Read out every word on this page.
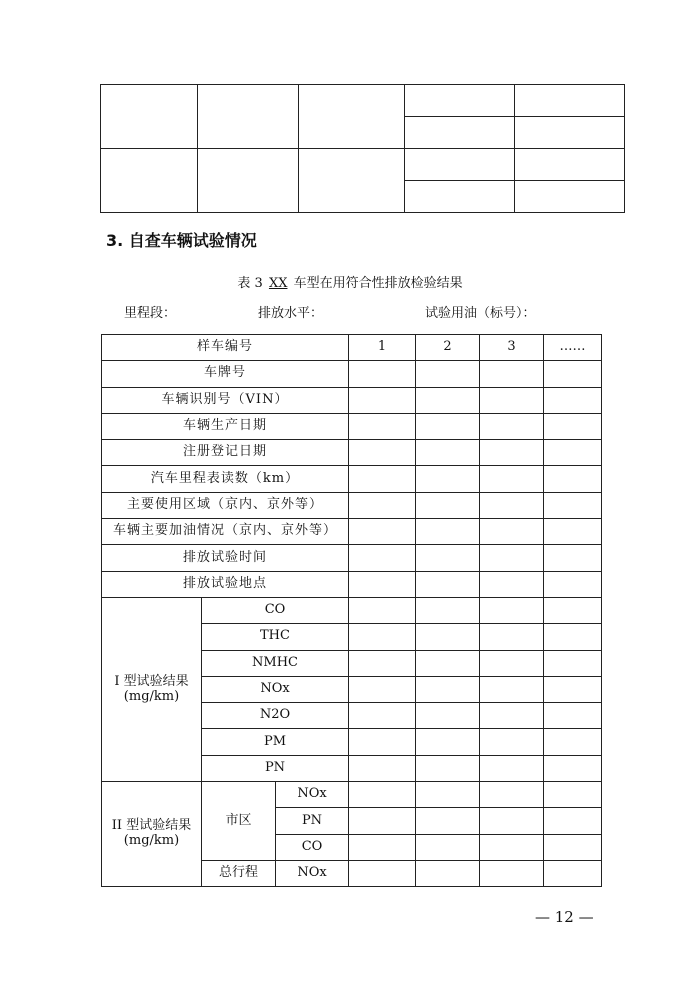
3. 自查车辆试验情况
表 3 XX 车型在用符合性排放检验结果
里程段：	排放水平：	试验用油（标号）：
样车编号			1	2	3	……
车牌号						
车辆识别号（VIN）						
车辆生产日期						
注册登记日期						
汽车里程表读数（km）						
主要使用区域（京内、京外等）						
车辆主要加油情况（京内、京外等）						
排放试验时间						
排放试验地点						

I 型试验结果
(mg/km)	CO					
	THC					
	NMHC					
	NOx					
	N2O					
	PM					
	PN					

II 型试验结果
(mg/km)	市区	NOx				
		PN				
		CO				
	总行程	NOx				
— 12 —
